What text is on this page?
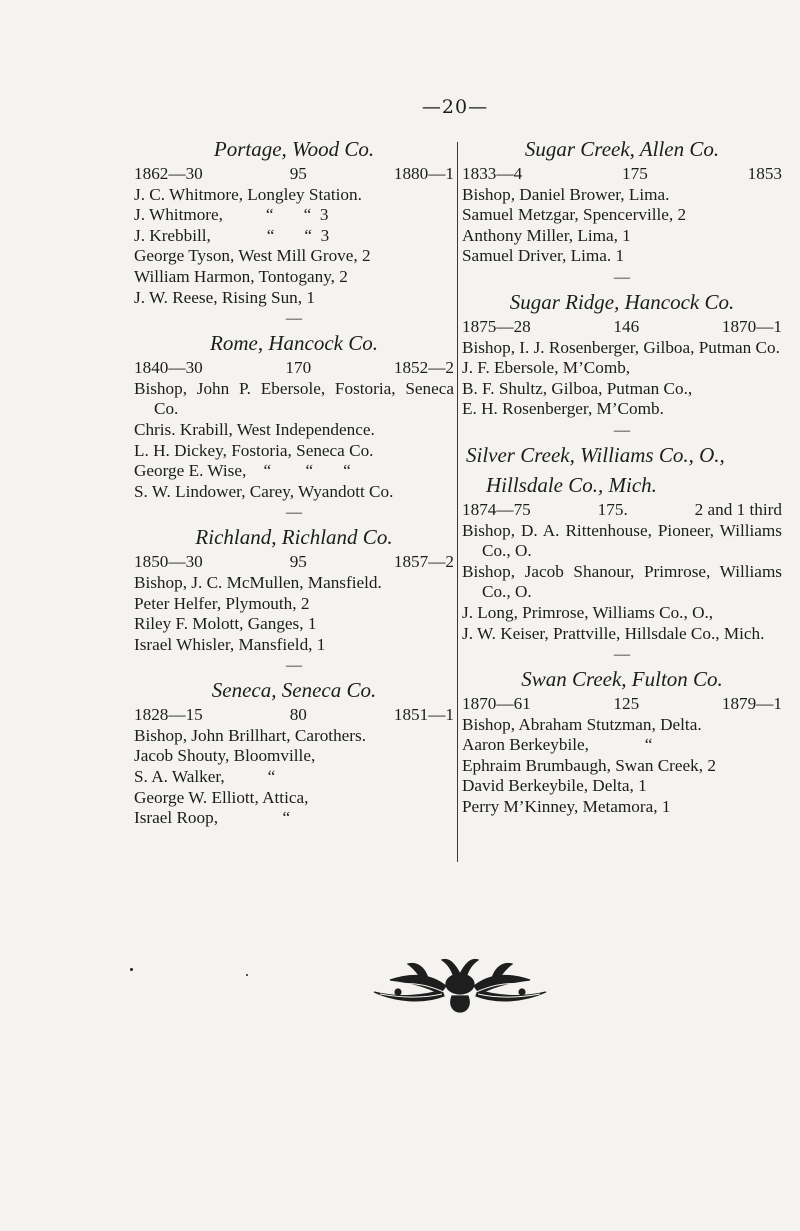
—20—
Portage, Wood Co.
1862—30	95	1880—1
J. C. Whitmore, Longley Station.
J. Whitmore,          “       “  3
J. Krebbill,             “       “  3
George Tyson, West Mill Grove, 2
William Harmon, Tontogany, 2
J. W. Reese, Rising Sun, 1
—
Rome, Hancock Co.
1840—30	170	1852—2
Bishop, John P. Ebersole, Fostoria, Seneca Co.
Chris. Krabill, West Independence.
L. H. Dickey, Fostoria, Seneca Co.
George E. Wise,    “        “       “
S. W. Lindower, Carey, Wyandott Co.
—
Richland, Richland Co.
1850—30	95	1857—2
Bishop, J. C. McMullen, Mansfield.
Peter Helfer, Plymouth, 2
Riley F. Molott, Ganges, 1
Israel Whisler, Mansfield, 1
—
Seneca, Seneca Co.
1828—15	80	1851—1
Bishop, John Brillhart, Carothers.
Jacob Shouty, Bloomville,
S. A. Walker,          “
George W. Elliott, Attica,
Israel Roop,               “
Sugar Creek, Allen Co.
1833—4	175	1853
Bishop, Daniel Brower, Lima.
Samuel Metzgar, Spencerville, 2
Anthony Miller, Lima, 1
Samuel Driver, Lima. 1
—
Sugar Ridge, Hancock Co.
1875—28	146	1870—1
Bishop, I. J. Rosenberger, Gilboa, Putman Co.
J. F. Ebersole, M’Comb,
B. F. Shultz, Gilboa, Putman Co.,
E. H. Rosenberger, M’Comb.
—
Silver Creek, Williams Co., O.,
Hillsdale Co., Mich.
1874—75	175.	2 and 1 third
Bishop, D. A. Rittenhouse, Pioneer, Williams Co., O.
Bishop, Jacob Shanour, Primrose, Williams Co., O.
J. Long, Primrose, Williams Co., O.,
J. W. Keiser, Prattville, Hillsdale Co., Mich.
—
Swan Creek, Fulton Co.
1870—61	125	1879—1
Bishop, Abraham Stutzman, Delta.
Aaron Berkeybile,             “
Ephraim Brumbaugh, Swan Creek, 2
David Berkeybile, Delta, 1
Perry M’Kinney, Metamora, 1
